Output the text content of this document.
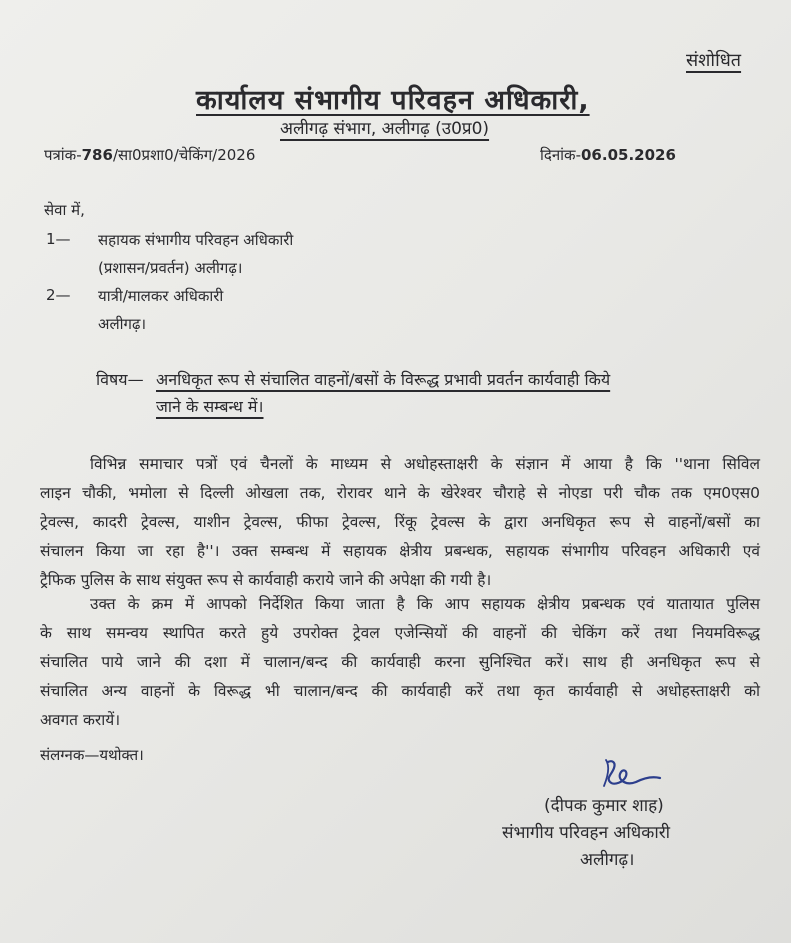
संशोधित
कार्यालय संभागीय परिवहन अधिकारी,
अलीगढ़ संभाग, अलीगढ़ (उ0प्र0)
पत्रांक-786/सा0प्रशा0/चेकिंग/2026	दिनांक-06.05.2026
सेवा में,
1— सहायक संभागीय परिवहन अधिकारी
(प्रशासन/प्रवर्तन) अलीगढ़।
2— यात्री/मालकर अधिकारी
अलीगढ़।
विषय— अनधिकृत रूप से संचालित वाहनों/बसों के विरूद्ध प्रभावी प्रवर्तन कार्यवाही किये
जाने के सम्बन्ध में।
विभिन्न समाचार पत्रों एवं चैनलों के माध्यम से अधोहस्ताक्षरी के संज्ञान में आया है कि ''थाना सिविल
लाइन चौकी, भमोला से दिल्ली ओखला तक, रोरावर थाने के खेरेश्वर चौराहे से नोएडा परी चौक तक एम0एस0
ट्रेवल्स, कादरी ट्रेवल्स, याशीन ट्रेवल्स, फीफा ट्रेवल्स, रिंकू ट्रेवल्स के द्वारा अनधिकृत रूप से वाहनों/बसों का
संचालन किया जा रहा है''। उक्त सम्बन्ध में सहायक क्षेत्रीय प्रबन्धक, सहायक संभागीय परिवहन अधिकारी एवं
ट्रैफिक पुलिस के साथ संयुक्त रूप से कार्यवाही कराये जाने की अपेक्षा की गयी है।
उक्त के क्रम में आपको निर्देशित किया जाता है कि आप सहायक क्षेत्रीय प्रबन्धक एवं यातायात पुलिस
के साथ समन्वय स्थापित करते हुये उपरोक्त ट्रेवल एजेन्सियों की वाहनों की चेकिंग करें तथा नियमविरूद्ध
संचालित पाये जाने की दशा में चालान/बन्द की कार्यवाही करना सुनिश्चित करें। साथ ही अनधिकृत रूप से
संचालित अन्य वाहनों के विरूद्ध भी चालान/बन्द की कार्यवाही करें तथा कृत कार्यवाही से अधोहस्ताक्षरी को
अवगत करायें।
संलग्नक—यथोक्त।
(दीपक कुमार शाह)
संभागीय परिवहन अधिकारी
अलीगढ़।
